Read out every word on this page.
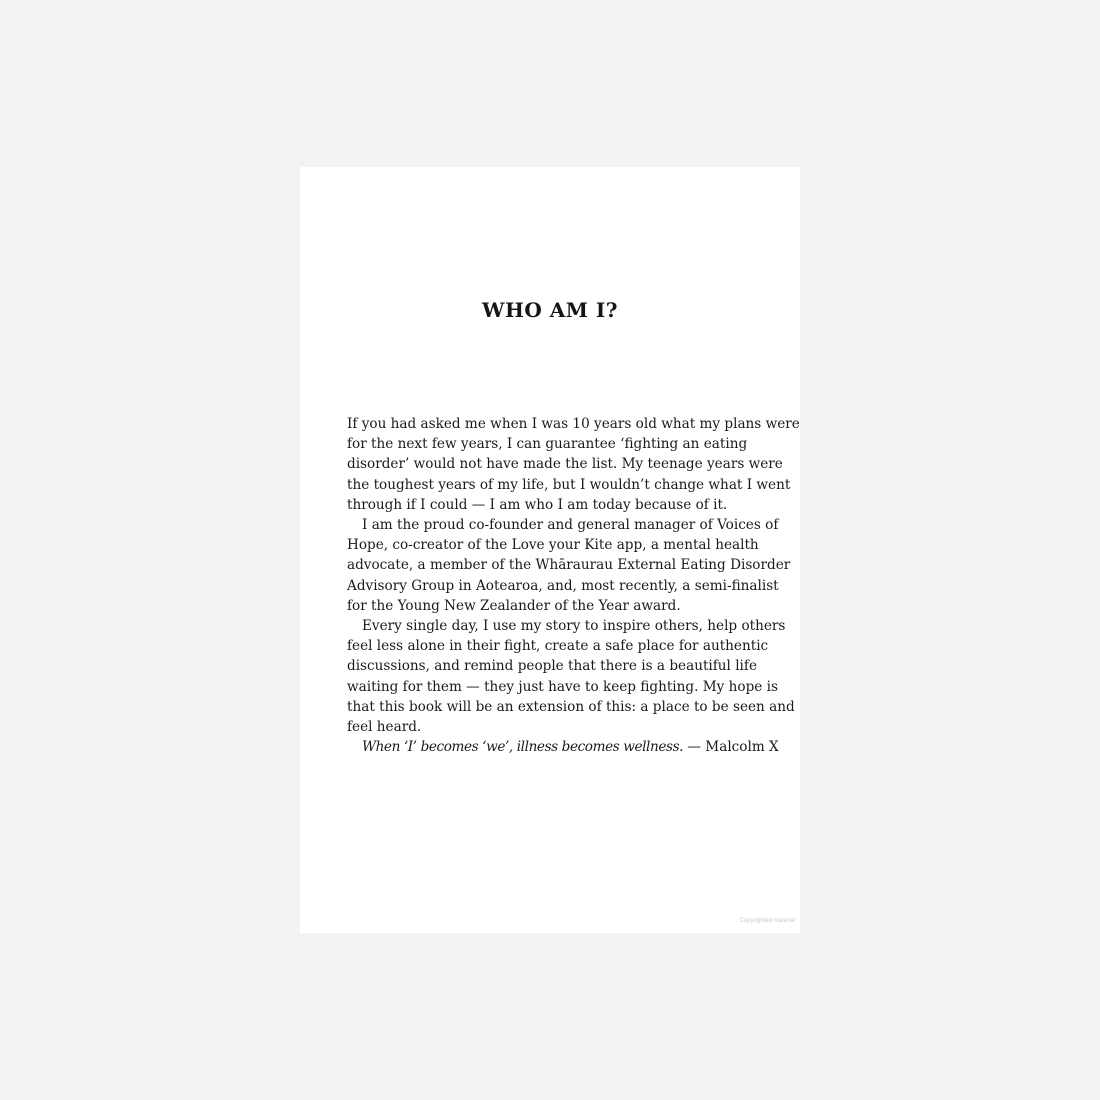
WHO AM I?

If you had asked me when I was 10 years old what my plans were
for the next few years, I can guarantee ‘fighting an eating
disorder’ would not have made the list. My teenage years were
the toughest years of my life, but I wouldn’t change what I went
through if I could — I am who I am today because of it.

I am the proud co-founder and general manager of Voices of
Hope, co-creator of the Love your Kite app, a mental health
advocate, a member of the Whāraurau External Eating Disorder
Advisory Group in Aotearoa, and, most recently, a semi-finalist
for the Young New Zealander of the Year award.

Every single day, I use my story to inspire others, help others
feel less alone in their fight, create a safe place for authentic
discussions, and remind people that there is a beautiful life
waiting for them — they just have to keep fighting. My hope is
that this book will be an extension of this: a place to be seen and
feel heard.

When ‘I’ becomes ‘we’, illness becomes wellness. — Malcolm X

Copyrighted material
